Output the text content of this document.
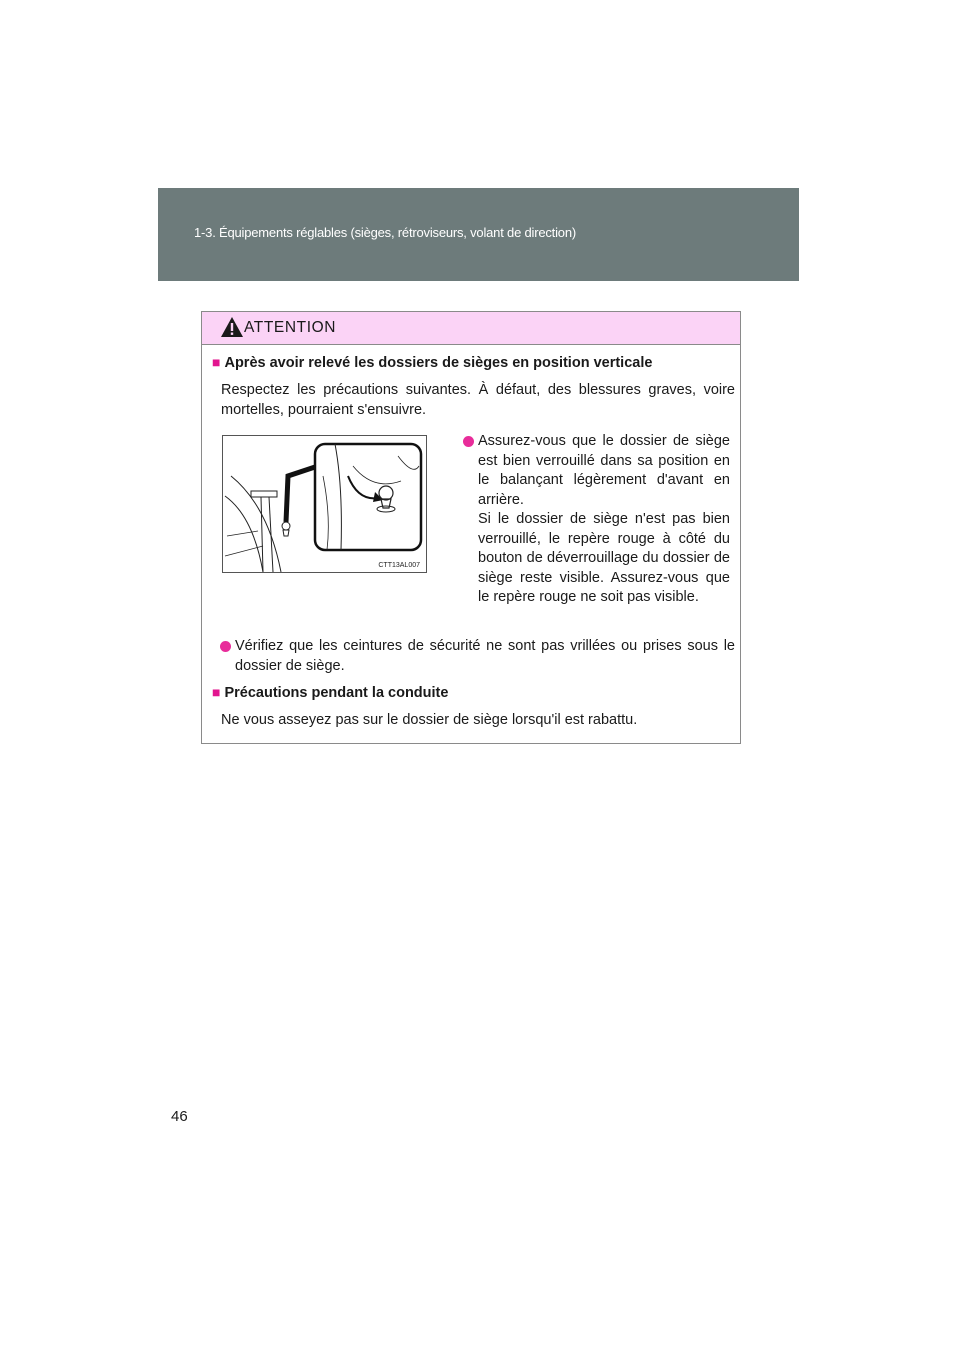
1-3. Équipements réglables (sièges, rétroviseurs, volant de direction)
ATTENTION
■ Après avoir relevé les dossiers de sièges en position verticale
Respectez les précautions suivantes. À défaut, des blessures graves, voire mortelles, pourraient s'ensuivre.
CTT13AL007
Assurez-vous que le dossier de siège est bien verrouillé dans sa position en le balançant légèrement d'avant en arrière.
Si le dossier de siège n'est pas bien verrouillé, le repère rouge à côté du bouton de déverrouillage du dossier de siège reste visible. Assurez-vous que le repère rouge ne soit pas visible.
Vérifiez que les ceintures de sécurité ne sont pas vrillées ou prises sous le dossier de siège.
■ Précautions pendant la conduite
Ne vous asseyez pas sur le dossier de siège lorsqu'il est rabattu.
46
